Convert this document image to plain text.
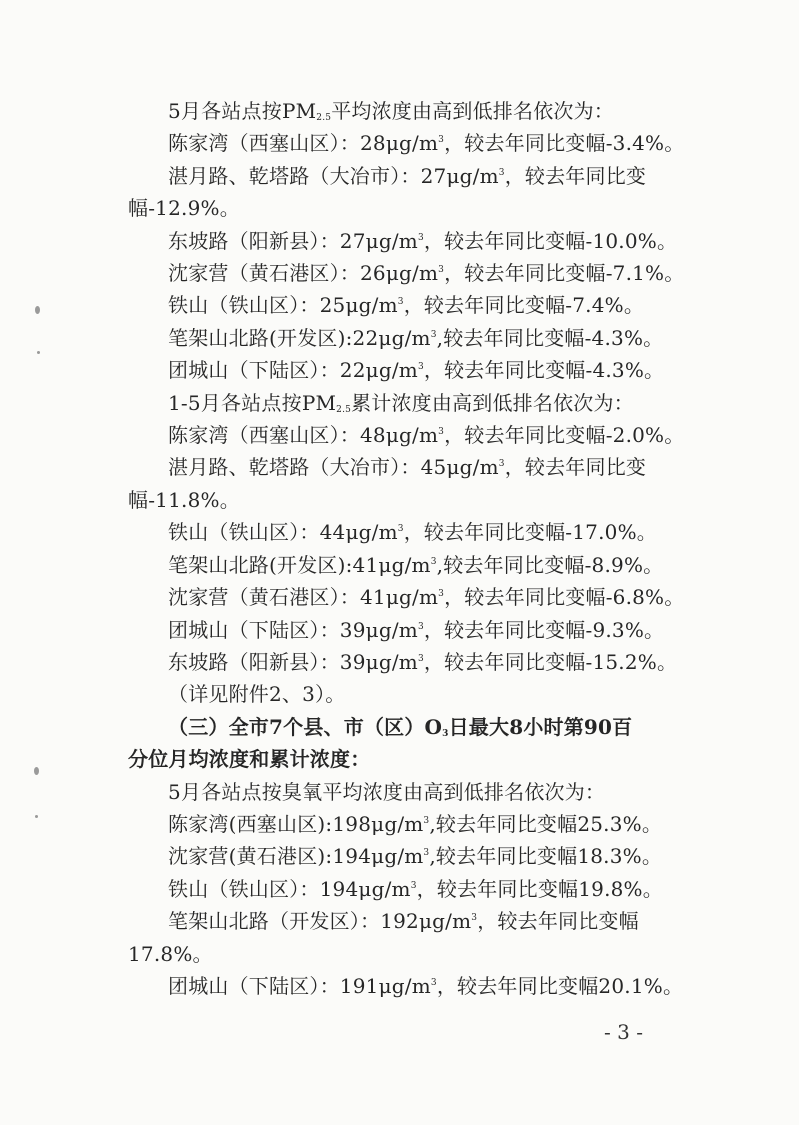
5月各站点按$PM_{2.5}$平均浓度由高到低排名依次为：
陈家湾（西塞山区）：$28\mu g/m^3$，较去年同比变幅-3.4%。
湛月路、乾塔路（大冶市）：$27\mu g/m^3$，较去年同比变
幅-12.9%。
东坡路（阳新县）：$27\mu g/m^3$，较去年同比变幅-10.0%。
沈家营（黄石港区）：$26\mu g/m^3$，较去年同比变幅-7.1%。
铁山（铁山区）：$25\mu g/m^3$，较去年同比变幅-7.4%。
笔架山北路(开发区)$:22\mu g/m^3$,较去年同比变幅-4.3%。
团城山（下陆区）：$22\mu g/m^3$，较去年同比变幅-4.3%。
1-5月各站点按$PM_{2.5}$累计浓度由高到低排名依次为：
陈家湾（西塞山区）：$48\mu g/m^3$，较去年同比变幅-2.0%。
湛月路、乾塔路（大冶市）：$45\mu g/m^3$，较去年同比变
幅-11.8%。
铁山（铁山区）：$44\mu g/m^3$，较去年同比变幅-17.0%。
笔架山北路(开发区)$:41\mu g/m^3$,较去年同比变幅-8.9%。
沈家营（黄石港区）：$41\mu g/m^3$，较去年同比变幅-6.8%。
团城山（下陆区）：$39\mu g/m^3$，较去年同比变幅-9.3%。
东坡路（阳新县）：$39\mu g/m^3$，较去年同比变幅-15.2%。
（详见附件2、3）。
（三）全市7个县、市（区）$O_3$日最大8小时第90百
分位月均浓度和累计浓度：
5月各站点按臭氧平均浓度由高到低排名依次为：
陈家湾(西塞山区)$:198\mu g/m^3$,较去年同比变幅25.3%。
沈家营(黄石港区)$:194\mu g/m^3$,较去年同比变幅18.3%。
铁山（铁山区）：$194\mu g/m^3$，较去年同比变幅19.8%。
笔架山北路（开发区）：$192\mu g/m^3$，较去年同比变幅
17.8%。
团城山（下陆区）：$191\mu g/m^3$，较去年同比变幅20.1%。
- 3 -
